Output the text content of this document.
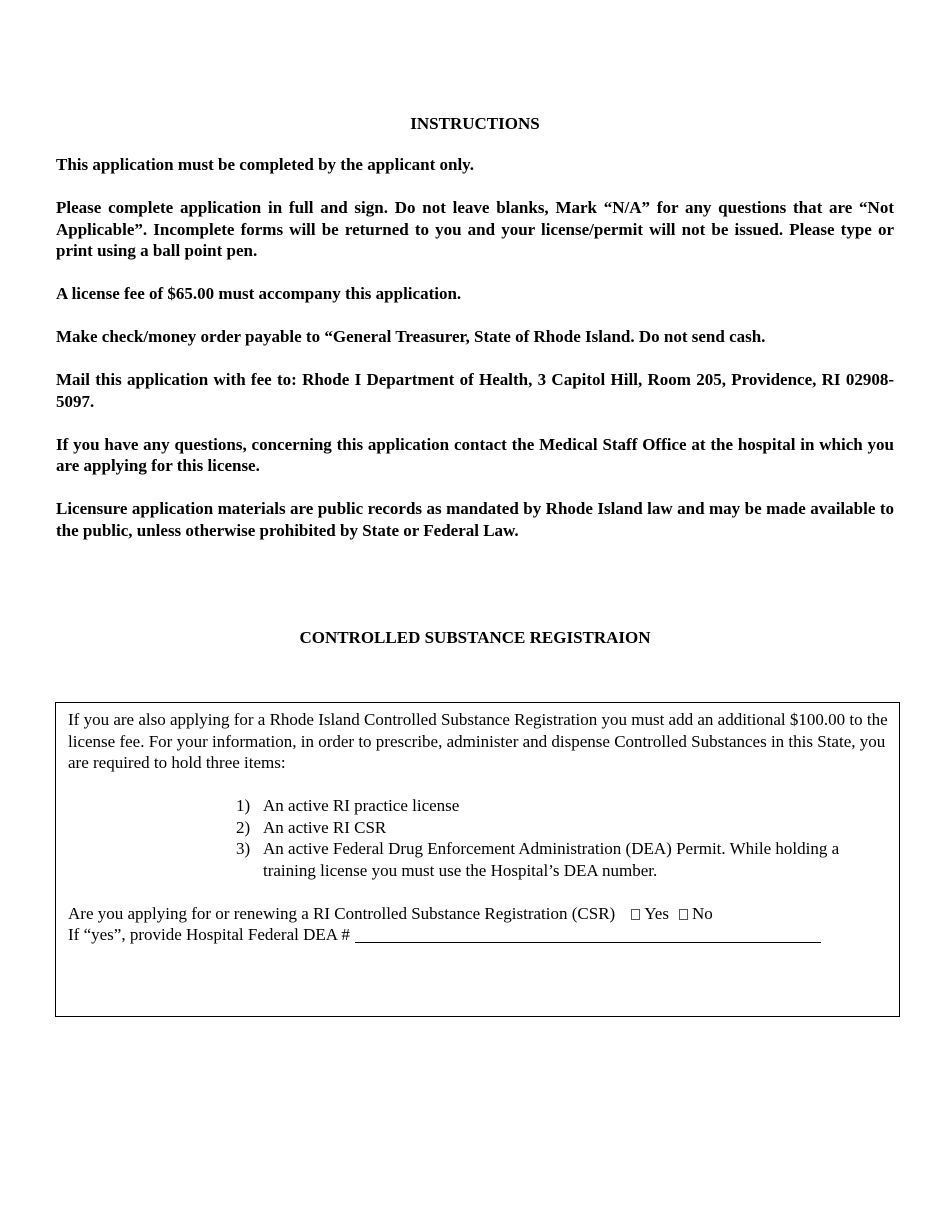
INSTRUCTIONS

This application must be completed by the applicant only.

Please complete application in full and sign. Do not leave blanks, Mark “N/A” for any questions that are “Not Applicable”. Incomplete forms will be returned to you and your license/permit will not be issued. Please type or print using a ball point pen.

A license fee of $65.00 must accompany this application.

Make check/money order payable to “General Treasurer, State of Rhode Island. Do not send cash.

Mail this application with fee to: Rhode I Department of Health, 3 Capitol Hill, Room 205, Providence, RI 02908-5097.

If you have any questions, concerning this application contact the Medical Staff Office at the hospital in which you are applying for this license.

Licensure application materials are public records as mandated by Rhode Island law and may be made available to the public, unless otherwise prohibited by State or Federal Law.

CONTROLLED SUBSTANCE REGISTRAION

If you are also applying for a Rhode Island Controlled Substance Registration you must add an additional $100.00 to the license fee. For your information, in order to prescribe, administer and dispense Controlled Substances in this State, you are required to hold three items:

1) An active RI practice license
2) An active RI CSR
3) An active Federal Drug Enforcement Administration (DEA) Permit. While holding a training license you must use the Hospital’s DEA number.

Are you applying for or renewing a RI Controlled Substance Registration (CSR) Yes No

If “yes”, provide Hospital Federal DEA #
